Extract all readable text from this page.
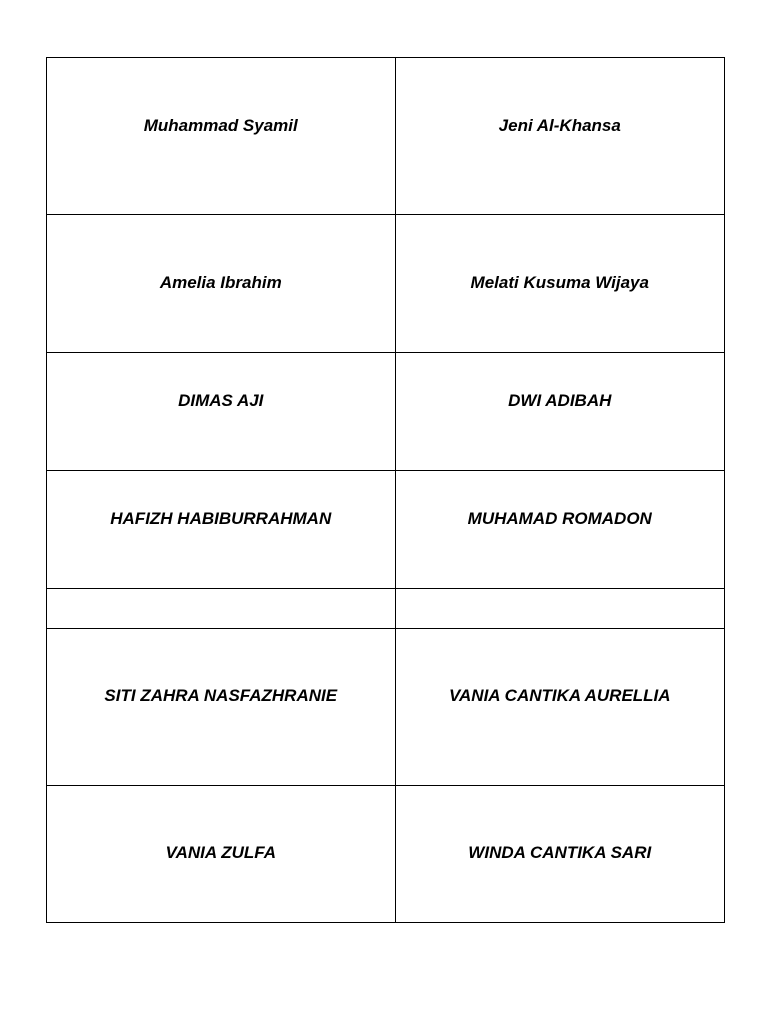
Muhammad Syamil	Jeni Al-Khansa

Amelia Ibrahim	Melati Kusuma Wijaya

DIMAS AJI	DWI ADIBAH

HAFIZH HABIBURRAHMAN	MUHAMAD ROMADON

SITI ZAHRA NASFAZHRANIE	VANIA CANTIKA AURELLIA

VANIA ZULFA	WINDA CANTIKA SARI
